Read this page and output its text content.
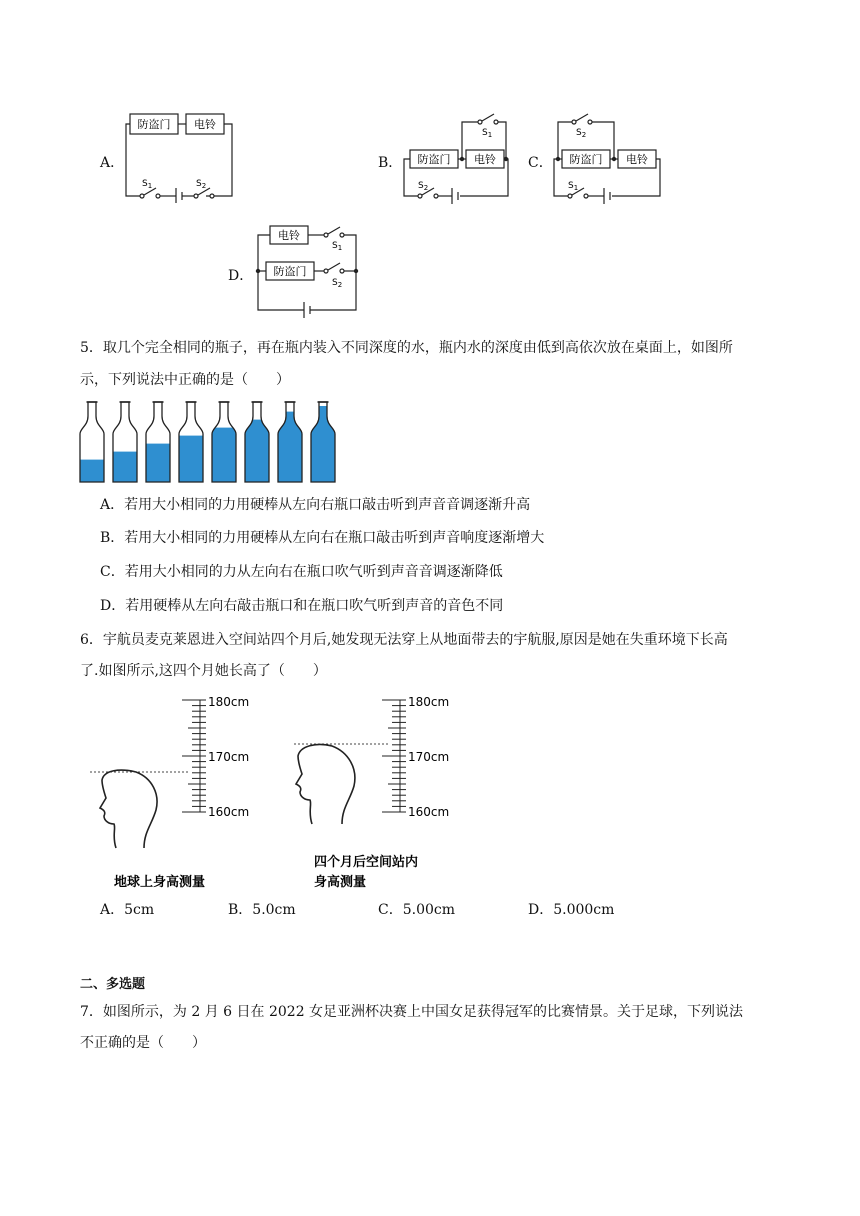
A．
防盗门 电铃
$S_1$	$S_2$
B． 防盗门 电铃
$S_1$
$S_2$
C． 防盗门 电铃
$S_2$
$S_1$
D．
电铃
防盗门
$S_1$
$S_2$
5．取几个完全相同的瓶子，再在瓶内装入不同深度的水，瓶内水的深度由低到高依次放在桌面上，如图所
示，下列说法中正确的是（　　）
A．若用大小相同的力用硬棒从左向右瓶口敲击听到声音音调逐渐升高
B．若用大小相同的力用硬棒从左向右在瓶口敲击听到声音响度逐渐增大
C．若用大小相同的力从左向右在瓶口吹气听到声音音调逐渐降低
D．若用硬棒从左向右敲击瓶口和在瓶口吹气听到声音的音色不同
6．宇航员麦克莱恩进入空间站四个月后,她发现无法穿上从地面带去的宇航服,原因是她在失重环境下长高
了.如图所示,这四个月她长高了（　　）
180cm
170cm
160cm
180cm
170cm
160cm
地球上身高测量
四个月后空间站内
身高测量
A．5cm	B．5.0cm	C．5.00cm	D．5.000cm
二、多选题
7．如图所示，为 2 月 6 日在 2022 女足亚洲杯决赛上中国女足获得冠军的比赛情景。关于足球，下列说法
不正确的是（　　）
